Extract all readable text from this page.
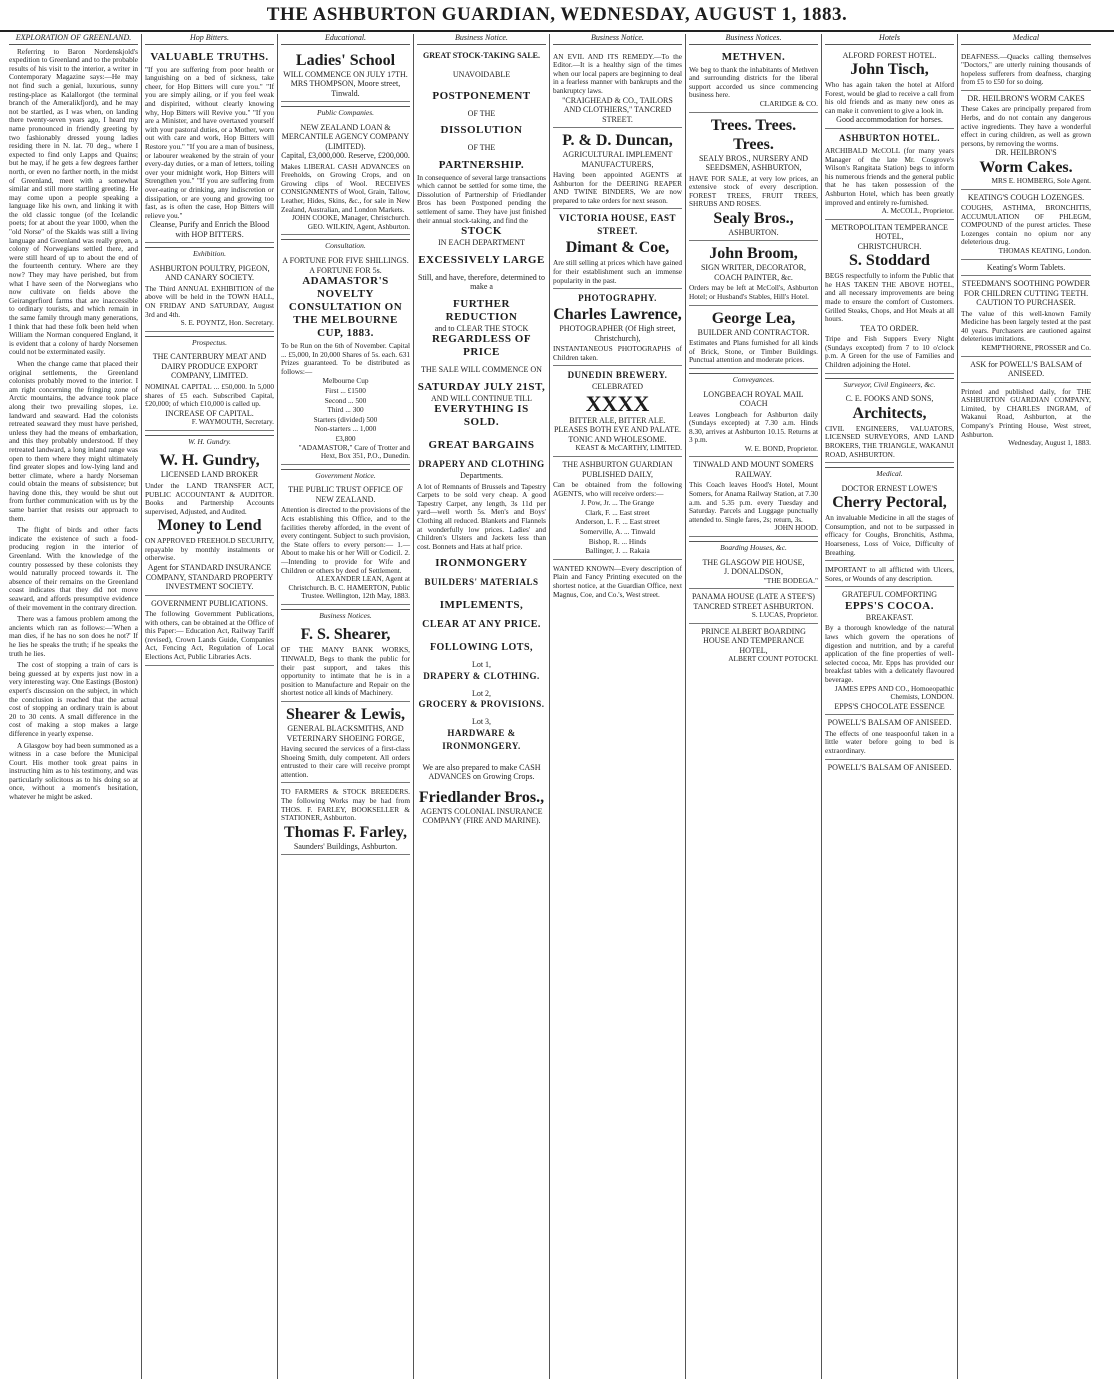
THE ASHBURTON GUARDIAN, WEDNESDAY, AUGUST 1, 1883.
EXPLORATION OF GREENLAND.

Referring to Baron Nordenskjold's expedition to Greenland and to the probable results of his visit to the interior, a writer in Contemporary Magazine says:—He may not find such a genial, luxurious, sunny resting-place as Kalallorgot (the terminal branch of the Ameralikfjord), and he may not be startled, as I was when, on landing there twenty-seven years ago, I heard my name pronounced in friendly greeting by two fashionably dressed young ladies residing there in N. lat. 70 deg., where I expected to find only Lapps and Quains; but he may, if he gets a few degrees farther north, or even no farther north, in the midst of Greenland, meet with a somewhat similar and still more startling greeting. He may come upon a people speaking a language like his own, and linking it with the old classic tongue (of the Icelandic poets; for at about the year 1000, when the "old Norse" of the Skalds was still a living language and Greenland was really green, a colony of Norwegians settled there, and were still heard of up to about the end of the fourteenth century. Where are they now? They may have perished, but from what I have seen of the Norwegians who now cultivate on fields above the Geirangerfiord farms that are inaccessible to ordinary tourists, and which remain in the same family through many generations, I think that had these folk been held when William the Norman conquered England, it is evident that a colony of hardy Norsemen could not be exterminated easily.

When the change came that placed their original settlements, the Greenland colonists probably moved to the interior. I am right concerning the fringing zone of Arctic mountains, the advance took place along their two prevailing slopes, i.e. landward and seaward. Had the colonists retreated seaward they must have perished, unless they had the means of embarkation, and this they probably understood. If they retreated landward, a long inland range was open to them where they might ultimately find greater slopes and low-lying land and better climate, where a hardy Norseman could obtain the means of subsistence; but having done this, they would be shut out from further communication with us by the same barrier that resists our approach to them.

The flight of birds and other facts indicate the existence of such a food-producing region in the interior of Greenland. With the knowledge of the country possessed by these colonists they would naturally proceed towards it. The absence of their remains on the Greenland coast indicates that they did not move seaward, and affords presumptive evidence of their movement in the contrary direction.

There was a famous problem among the ancients which ran as follows:—'When a man dies, if he has no son does he not?' If he lies he speaks the truth; if he speaks the truth he lies.

The cost of stopping a train of cars is being guessed at by experts just now in a very interesting way. One Eastings (Boston) expert's discussion on the subject, in which the conclusion is reached that the actual cost of stopping an ordinary train is about 20 to 30 cents. A small difference in the cost of making a stop makes a large difference in yearly expense.

A Glasgow boy had been summoned as a witness in a case before the Municipal Court. His mother took great pains in instructing him as to his testimony, and was particularly solicitous as to his doing so at once, without a moment's hesitation, whatever he might be asked.

Hop Bitters.
VALUABLE TRUTHS.
"If you are suffering from poor health or languishing on a bed of sickness, take cheer, for Hop Bitters will cure you." "If you are simply ailing, or if you feel weak and dispirited, without clearly knowing why, Hop Bitters will Revive you." "If you are a Minister, and have overtaxed yourself with your pastoral duties, or a Mother, worn out with care and work, Hop Bitters will Restore you." "If you are a man of business, or labourer weakened by the strain of your every-day duties, or a man of letters, toiling over your midnight work, Hop Bitters will Strengthen you." "If you are suffering from over-eating or drinking, any indiscretion or dissipation, or are young and growing too fast, as is often the case, Hop Bitters will relieve you."
Cleanse, Purify and Enrich the Blood with HOP BITTERS.
Exhibition.
ASHBURTON POULTRY, PIGEON, AND CANARY SOCIETY.
The Third ANNUAL EXHIBITION of the above will be held in the TOWN HALL, ON FRIDAY AND SATURDAY, August 3rd and 4th.
S. E. POYNTZ, Hon. Secretary.
Prospectus.
THE CANTERBURY MEAT AND DAIRY PRODUCE EXPORT COMPANY, LIMITED.
NOMINAL CAPITAL ... £50,000. In 5,000 shares of £5 each. Subscribed Capital, £20,000; of which £10,000 is called up.
INCREASE OF CAPITAL.
F. WAYMOUTH, Secretary.
W. H. Gundry.
W. H. Gundry,
LICENSED LAND BROKER
Under the LAND TRANSFER ACT, PUBLIC ACCOUNTANT & AUDITOR. Books and Partnership Accounts supervised, Adjusted, and Audited.
Money to Lend
ON APPROVED FREEHOLD SECURITY, repayable by monthly instalments or otherwise.
Agent for STANDARD INSURANCE COMPANY, STANDARD PROPERTY INVESTMENT SOCIETY.
GOVERNMENT PUBLICATIONS.
The following Government Publications, with others, can be obtained at the Office of this Paper:— Education Act, Railway Tariff (revised), Crown Lands Guide, Companies Act, Fencing Act, Regulation of Local Elections Act, Public Libraries Acts.
Educational.
Ladies' School
WILL COMMENCE ON JULY 17TH. MRS THOMPSON, Moore street, Tinwald.
Public Companies.
NEW ZEALAND LOAN & MERCANTILE AGENCY COMPANY (LIMITED).
Capital, £3,000,000. Reserve, £200,000.
Makes LIBERAL CASH ADVANCES on Freeholds, on Growing Crops, and on Growing clips of Wool. RECEIVES CONSIGNMENTS of Wool, Grain, Tallow, Leather, Hides, Skins, &c., for sale in New Zealand, Australian, and London Markets.
JOHN COOKE, Manager, Christchurch. GEO. WILKIN, Agent, Ashburton.
Consultation.
A FORTUNE FOR FIVE SHILLINGS. A FORTUNE FOR 5s.
ADAMASTOR'S NOVELTY CONSULTATION ON THE MELBOURNE CUP, 1883.
To be Run on the 6th of November. Capital ... £5,000, In 20,000 Shares of 5s. each. 631 Prizes guaranteed. To be distributed as follows:—
Melbourne Cup
First ... £1500
Second ... 500
Third ... 300
Starters (divided) 500
Non-starters ... 1,000
£3,800
"ADAMASTOR," Care of Trotter and Hext, Box 351, P.O., Dunedin.
Government Notice.
THE PUBLIC TRUST OFFICE OF NEW ZEALAND.
Attention is directed to the provisions of the Acts establishing this Office, and to the facilities thereby afforded, in the event of every contingent. Subject to such provision, the State offers to every person:— 1.—About to make his or her Will or Codicil. 2.—Intending to provide for Wife and Children or others by deed of Settlement.
ALEXANDER LEAN, Agent at Christchurch. B. C. HAMERTON, Public Trustee. Wellington, 12th May, 1883.
Business Notices.
F. S. Shearer,
OF THE MANY BANK WORKS, TINWALD, Begs to thank the public for their past support, and takes this opportunity to intimate that he is in a position to Manufacture and Repair on the shortest notice all kinds of Machinery.
Shearer & Lewis,
GENERAL BLACKSMITHS, AND VETERINARY SHOEING FORGE,
Having secured the services of a first-class Shoeing Smith, duly competent. All orders entrusted to their care will receive prompt attention.
TO FARMERS & STOCK BREEDERS. The following Works may be had from THOS. F. FARLEY, BOOKSELLER & STATIONER, Ashburton.
Thomas F. Farley,
Saunders' Buildings, Ashburton.
Business Notice.
GREAT STOCK-TAKING SALE.
UNAVOIDABLE
POSTPONEMENT
OF THE
DISSOLUTION
OF THE
PARTNERSHIP.
In consequence of several large transactions which cannot be settled for some time, the Dissolution of Partnership of Friedlander Bros has been Postponed pending the settlement of same. They have just finished their annual stock-taking, and find the
STOCK
IN EACH DEPARTMENT
EXCESSIVELY LARGE
Still, and have, therefore, determined to make a
FURTHER REDUCTION
and to CLEAR THE STOCK
REGARDLESS OF PRICE
THE SALE WILL COMMENCE ON
SATURDAY JULY 21ST,
AND WILL CONTINUE TILL
EVERYTHING IS SOLD.
GREAT BARGAINS
DRAPERY AND CLOTHING
Departments.
A lot of Remnants of Brussels and Tapestry Carpets to be sold very cheap. A good Tapestry Carpet, any length, 3s 11d per yard—well worth 5s. Men's and Boys' Clothing all reduced. Blankets and Flannels at wonderfully low prices. Ladies' and Children's Ulsters and Jackets less than cost. Bonnets and Hats at half price.
IRONMONGERY
BUILDERS' MATERIALS
IMPLEMENTS,
CLEAR AT ANY PRICE.
FOLLOWING LOTS,
Lot 1,
DRAPERY & CLOTHING.
Lot 2,
GROCERY & PROVISIONS.
Lot 3,
HARDWARE & IRONMONGERY.
We are also prepared to make CASH ADVANCES on Growing Crops.
Friedlander Bros.,
AGENTS COLONIAL INSURANCE COMPANY (FIRE AND MARINE).
Business Notice.
AN EVIL AND ITS REMEDY.—To the Editor.—It is a healthy sign of the times when our local papers are beginning to deal in a fearless manner with bankrupts and the bankruptcy laws.
"CRAIGHEAD & CO., TAILORS AND CLOTHIERS," TANCRED STREET.
P. & D. Duncan,
AGRICULTURAL IMPLEMENT MANUFACTURERS,
Having been appointed AGENTS at Ashburton for the DEERING REAPER AND TWINE BINDERS, We are now prepared to take orders for next season.
VICTORIA HOUSE, EAST STREET.
Dimant & Coe,
Are still selling at prices which have gained for their establishment such an immense popularity in the past.
PHOTOGRAPHY.
Charles Lawrence,
PHOTOGRAPHER (Of High street, Christchurch),
INSTANTANEOUS PHOTOGRAPHS of Children taken.
DUNEDIN BREWERY.
CELEBRATED
XXXX
BITTER ALE, BITTER ALE.
PLEASES BOTH EYE AND PALATE.
TONIC AND WHOLESOME.
KEAST & McCARTHY, LIMITED.
THE ASHBURTON GUARDIAN PUBLISHED DAILY,
Can be obtained from the following AGENTS, who will receive orders:—
J. Pow, Jr. ... The Grange
Clark, F. ... East street
Anderson, L. F. ... East street
Somerville, A. ... Tinwald
Bishop, R. ... Hinds
Ballinger, J. ... Rakaia
WANTED KNOWN—Every description of Plain and Fancy Printing executed on the shortest notice, at the Guardian Office, next Magnus, Coe, and Co.'s, West street.
Business Notices.
METHVEN.
We beg to thank the inhabitants of Methven and surrounding districts for the liberal support accorded us since commencing business here.
CLARIDGE & CO.
Trees. Trees. Trees.
SEALY BROS., NURSERY AND SEEDSMEN, ASHBURTON,
HAVE FOR SALE, at very low prices, an extensive stock of every description. FOREST TREES, FRUIT TREES, SHRUBS AND ROSES.
Sealy Bros.,
ASHBURTON.
John Broom,
SIGN WRITER, DECORATOR, COACH PAINTER, &c.
Orders may be left at McColl's, Ashburton Hotel; or Husband's Stables, Hill's Hotel.
George Lea,
BUILDER AND CONTRACTOR.
Estimates and Plans furnished for all kinds of Brick, Stone, or Timber Buildings. Punctual attention and moderate prices.
Conveyances.
LONGBEACH ROYAL MAIL COACH
Leaves Longbeach for Ashburton daily (Sundays excepted) at 7.30 a.m. Hinds 8.30, arrives at Ashburton 10.15. Returns at 3 p.m.
W. E. BOND, Proprietor.
TINWALD AND MOUNT SOMERS RAILWAY.
This Coach leaves Hood's Hotel, Mount Somers, for Anama Railway Station, at 7.30 a.m. and 5.35 p.m. every Tuesday and Saturday. Parcels and Luggage punctually attended to. Single fares, 2s; return, 3s.
JOHN HOOD.
Boarding Houses, &c.
THE GLASGOW PIE HOUSE,
J. DONALDSON,
"THE BODEGA."
PANAMA HOUSE (LATE A STEE'S) TANCRED STREET ASHBURTON.
S. LUCAS, Proprietor.
PRINCE ALBERT BOARDING HOUSE AND TEMPERANCE HOTEL,
ALBERT COUNT POTOCKI.
Hotels
ALFORD FOREST HOTEL.
John Tisch,
Who has again taken the hotel at Alford Forest, would be glad to receive a call from his old friends and as many new ones as can make it convenient to give a look in.
Good accommodation for horses.
ASHBURTON HOTEL.
ARCHIBALD McCOLL (for many years Manager of the late Mr. Cosgrove's Wilson's Rangitata Station) begs to inform his numerous friends and the general public that he has taken possession of the Ashburton Hotel, which has been greatly improved and entirely re-furnished.
A. McCOLL, Proprietor.
METROPOLITAN TEMPERANCE HOTEL,
CHRISTCHURCH.
S. Stoddard
BEGS respectfully to inform the Public that he HAS TAKEN THE ABOVE HOTEL, and all necessary improvements are being made to ensure the comfort of Customers. Grilled Steaks, Chops, and Hot Meals at all hours.
TEA TO ORDER.
Tripe and Fish Suppers Every Night (Sundays excepted) from 7 to 10 o'clock p.m. A Green for the use of Families and Children adjoining the Hotel.
Surveyor, Civil Engineers, &c.
C. E. FOOKS AND SONS,
Architects,
CIVIL ENGINEERS, VALUATORS, LICENSED SURVEYORS, AND LAND BROKERS, THE TRIANGLE, WAKANUI ROAD, ASHBURTON.
Medical.
DOCTOR ERNEST LOWE'S
Cherry Pectoral,
An invaluable Medicine in all the stages of Consumption, and not to be surpassed in efficacy for Coughs, Bronchitis, Asthma, Hoarseness, Loss of Voice, Difficulty of Breathing.
IMPORTANT to all afflicted with Ulcers, Sores, or Wounds of any description.
GRATEFUL COMFORTING
EPPS'S COCOA.
BREAKFAST.
By a thorough knowledge of the natural laws which govern the operations of digestion and nutrition, and by a careful application of the fine properties of well-selected cocoa, Mr. Epps has provided our breakfast tables with a delicately flavoured beverage.
JAMES EPPS AND CO., Homoeopathic Chemists, LONDON.
EPPS'S CHOCOLATE ESSENCE
POWELL'S BALSAM OF ANISEED.
The effects of one teaspoonful taken in a little water before going to bed is extraordinary.
POWELL'S BALSAM OF ANISEED.
Medical
DEAFNESS.—Quacks calling themselves "Doctors," are utterly ruining thousands of hopeless sufferers from deafness, charging from £5 to £50 for so doing.
DR. HEILBRON'S WORM CAKES
These Cakes are principally prepared from Herbs, and do not contain any dangerous active ingredients. They have a wonderful effect in curing children, as well as grown persons, by removing the worms.
DR. HEILBRON'S
Worm Cakes.
MRS E. HOMBERG, Sole Agent.
KEATING'S COUGH LOZENGES.
COUGHS, ASTHMA, BRONCHITIS, ACCUMULATION OF PHLEGM, COMPOUND of the purest articles. These Lozenges contain no opium nor any deleterious drug.
THOMAS KEATING, London.
Keating's Worm Tablets.
STEEDMAN'S SOOTHING POWDER
FOR CHILDREN CUTTING TEETH.
CAUTION TO PURCHASER.
The value of this well-known Family Medicine has been largely tested at the past 40 years. Purchasers are cautioned against deleterious imitations.
KEMPTHORNE, PROSSER and Co.
ASK for POWELL'S BALSAM of ANISEED.
Printed and published daily, for THE ASHBURTON GUARDIAN COMPANY, Limited, by CHARLES INGRAM, of Wakanui Road, Ashburton, at the Company's Printing House, West street, Ashburton.
Wednesday, August 1, 1883.
